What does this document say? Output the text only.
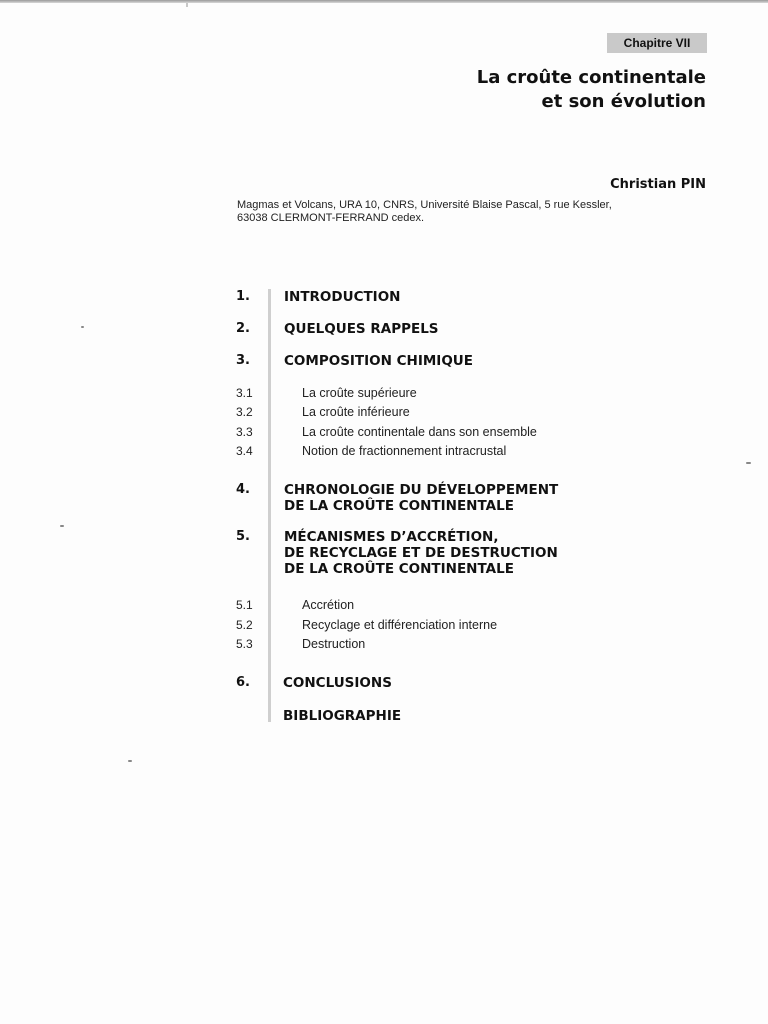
Chapitre VII
La croûte continentale
et son évolution
Christian PIN
Magmas et Volcans, URA 10, CNRS, Université Blaise Pascal, 5 rue Kessler,
63038 CLERMONT-FERRAND cedex.
1.	INTRODUCTION
2.	QUELQUES RAPPELS
3.	COMPOSITION CHIMIQUE
3.1	La croûte supérieure
3.2	La croûte inférieure
3.3	La croûte continentale dans son ensemble
3.4	Notion de fractionnement intracrustal
4.	CHRONOLOGIE DU DÉVELOPPEMENT
DE LA CROÛTE CONTINENTALE
5.	MÉCANISMES D’ACCRÉTION,
DE RECYCLAGE ET DE DESTRUCTION
DE LA CROÛTE CONTINENTALE
5.1	Accrétion
5.2	Recyclage et différenciation interne
5.3	Destruction
6. CONCLUSIONS
BIBLIOGRAPHIE
